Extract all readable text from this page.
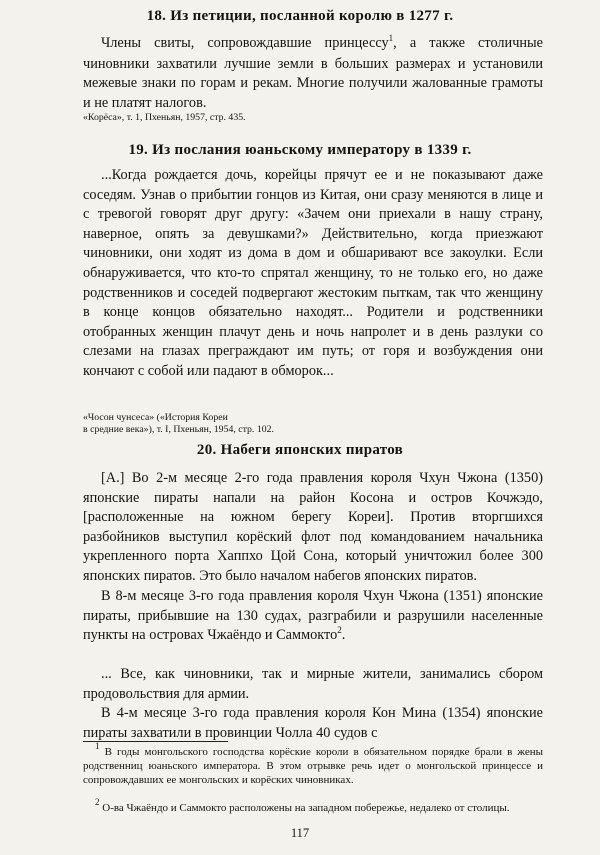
18. Из петиции, посланной королю в 1277 г.

Члены свиты, сопровождавшие принцессу$^1$, а также столичные чиновники захватили лучшие земли в больших размерах и установили межевые знаки по горам и рекам. Многие получили жалованные грамоты и не платят налогов.

«Корёса», т. 1, Пхеньян, 1957, стр. 435.

19. Из послания юаньскому императору в 1339 г.

...Когда рождается дочь, корейцы прячут ее и не показывают даже соседям. Узнав о прибытии гонцов из Китая, они сразу меняются в лице и с тревогой говорят друг другу: «Зачем они приехали в нашу страну, наверное, опять за девушками?» Действительно, когда приезжают чиновники, они ходят из дома в дом и обшаривают все закоулки. Если обнаруживается, что кто-то спрятал женщину, то не только его, но даже родственников и соседей подвергают жестоким пыткам, так что женщину в конце концов обязательно находят... Родители и родственники отобранных женщин плачут день и ночь напролет и в день разлуки со слезами на глазах преграждают им путь; от горя и возбуждения они кончают с собой или падают в обморок...

«Чосон чунсеса» («История Кореи
в средние века»), т. I, Пхеньян, 1954, стр. 102.

20. Набеги японских пиратов

[А.] Во 2-м месяце 2-го года правления короля Чхун Чжона (1350) японские пираты напали на район Косона и остров Кочжэдо, [расположенные на южном берегу Кореи]. Против вторгшихся разбойников выступил корёский флот под командованием начальника укрепленного порта Хаппхо Цой Сона, который уничтожил более 300 японских пиратов. Это было началом набегов японских пиратов.

В 8-м месяце 3-го года правления короля Чхун Чжона (1351) японские пираты, прибывшие на 130 судах, разграбили и разрушили населенные пункты на островах Чжаёндо и Саммокто$^2$.

... Все, как чиновники, так и мирные жители, занимались сбором продовольствия для армии.

В 4-м месяце 3-го года правления короля Кон Мина (1354) японские пираты захватили в провинции Чолла 40 судов с

$^1$ В годы монгольского господства корёские короли в обязательном порядке брали в жены родственниц юаньского императора. В этом отрывке речь идет о монгольской принцессе и сопровождавших ее монгольских и корёских чиновниках.

$^2$ О-ва Чжаёндо и Саммокто расположены на западном побережье, недалеко от столицы.

117
